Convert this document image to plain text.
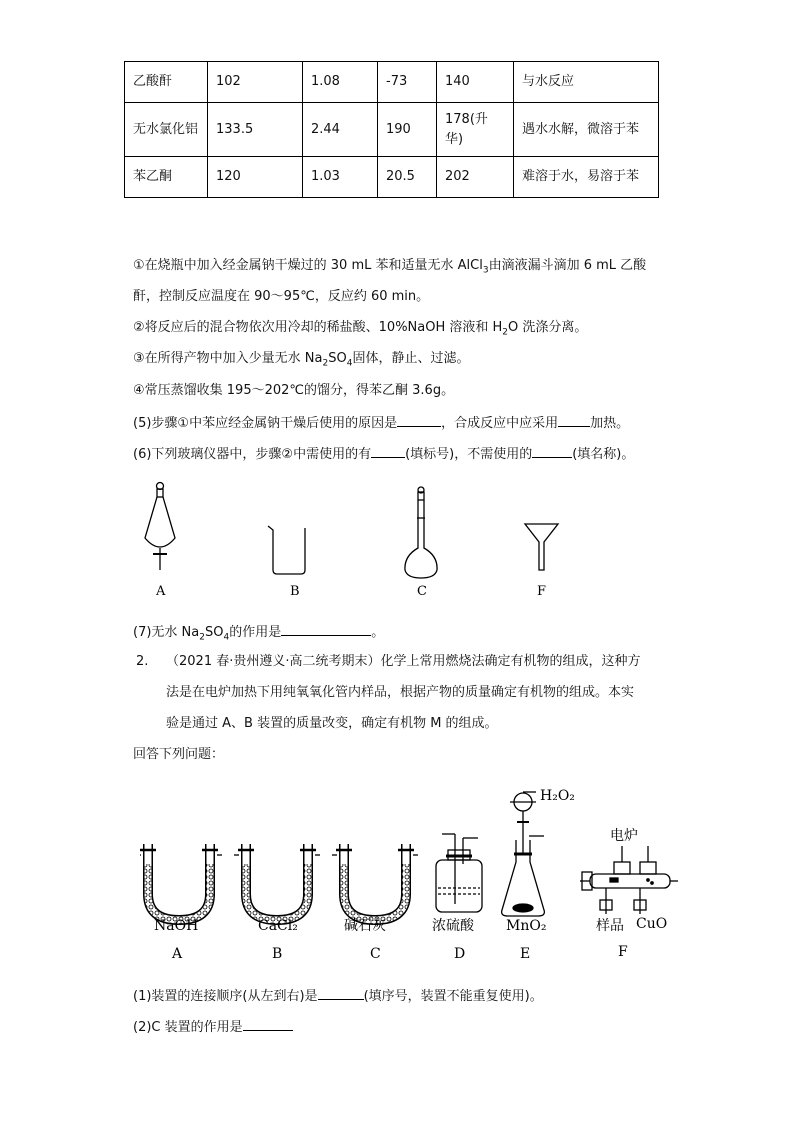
乙酸酐	102	1.08	-73	140	与水反应
无水氯化铝	133.5	2.44	190	178(升华)	遇水水解，微溶于苯
苯乙酮	120	1.03	20.5	202	难溶于水，易溶于苯
①在烧瓶中加入经金属钠干燥过的 30 mL 苯和适量无水 AlCl$_3$由滴液漏斗滴加 6 mL 乙酸
酐，控制反应温度在 90～95℃，反应约 60 min。
②将反应后的混合物依次用冷却的稀盐酸、10%NaOH 溶液和 $H_2O$ 洗涤分离。
③在所得产物中加入少量无水 $Na_2SO_4$固体，静止、过滤。
④常压蒸馏收集 195～202℃的馏分，得苯乙酮 3.6g。
(5)步骤①中苯应经金属钠干燥后使用的原因是	，合成反应中应采用 加热。
(6)下列玻璃仪器中，步骤②中需使用的有	(填标号)，不需使用的	(填名称)。
A	B	C	F
(7)无水 $Na_2SO_4$的作用是	。
2. （2021 春·贵州遵义·高二统考期末）化学上常用燃烧法确定有机物的组成，这种方
法是在电炉加热下用纯氧氧化管内样品，根据产物的质量确定有机物的组成。本实
验是通过 A、B 装置的质量改变，确定有机物 M 的组成。
回答下列问题：
H₂O₂
电炉
样品 CuO
NaOH	CaCl₂	碱石灰	浓硫酸 MnO₂
A	B	C	D	E	F
(1)装置的连接顺序(从左到右)是	(填序号，装置不能重复使用)。
(2)C 装置的作用是
